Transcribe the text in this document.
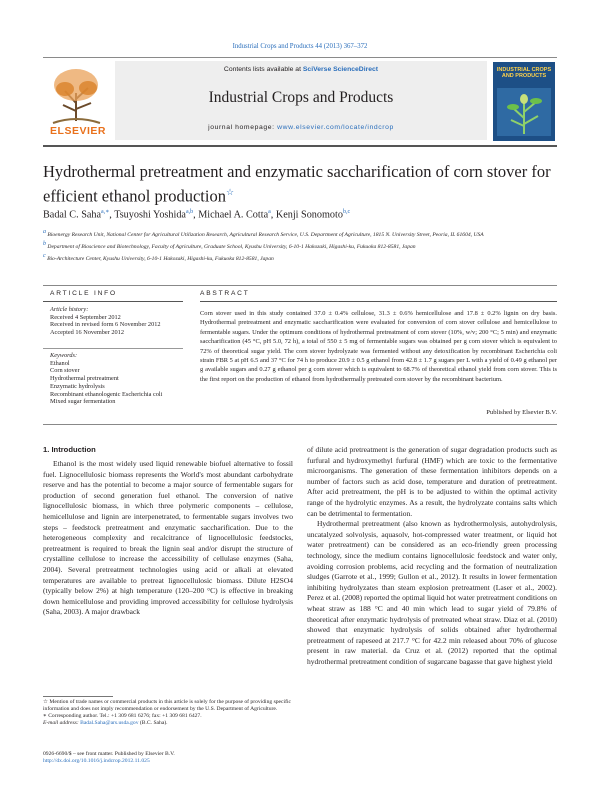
Industrial Crops and Products 44 (2013) 367–372
ELSEVIER
Contents lists available at SciVerse ScienceDirect
Industrial Crops and Products
journal homepage: www.elsevier.com/locate/indcrop
INDUSTRIAL CROPS AND PRODUCTS
Hydrothermal pretreatment and enzymatic saccharification of corn stover for efficient ethanol production☆
Badal C. Saha$^{a,∗}$, Tsuyoshi Yoshida$^{a,b}$, Michael A. Cotta$^a$, Kenji Sonomoto$^{b,c}$
$^a$ Bioenergy Research Unit, National Center for Agricultural Utilization Research, Agricultural Research Service, U.S. Department of Agriculture, 1815 N. University Street, Peoria, IL 61604, USA
$^b$ Department of Bioscience and Biotechnology, Faculty of Agriculture, Graduate School, Kyushu University, 6-10-1 Hakozaki, Higashi-ku, Fukuoka 812-8581, Japan
$^c$ Bio-Architecture Center, Kyushu University, 6-10-1 Hakozaki, Higashi-ku, Fukuoka 812-8581, Japan
ARTICLE INFO
Article history:
Received 4 September 2012
Received in revised form 6 November 2012
Accepted 16 November 2012
Keywords:
Ethanol
Corn stover
Hydrothermal pretreatment
Enzymatic hydrolysis
Recombinant ethanologenic Escherichia coli
Mixed sugar fermentation
ABSTRACT
Corn stover used in this study contained 37.0 ± 0.4% cellulose, 31.3 ± 0.6% hemicellulose and 17.8 ± 0.2% lignin on dry basis. Hydrothermal pretreatment and enzymatic saccharification were evaluated for conversion of corn stover cellulose and hemicellulose to fermentable sugars. Under the optimum conditions of hydrothermal pretreatment of corn stover (10%, w/v; 200 °C; 5 min) and enzymatic saccharification (45 °C, pH 5.0, 72 h), a total of 550 ± 5 mg of fermentable sugars was obtained per g corn stover which is equivalent to 72% of theoretical sugar yield. The corn stover hydrolyzate was fermented without any detoxification by recombinant Escherichia coli strain FBR 5 at pH 6.5 and 37 °C for 74 h to produce 20.9 ± 0.5 g ethanol from 42.8 ± 1.7 g sugars per L with a yield of 0.49 g ethanol per g available sugars and 0.27 g ethanol per g corn stover which is equivalent to 68.7% of theoretical ethanol yield from corn stover. This is the first report on the production of ethanol from hydrothermally pretreated corn stover by the recombinant bacterium.
Published by Elsevier B.V.
1. Introduction

Ethanol is the most widely used liquid renewable biofuel alternative to fossil fuel. Lignocellulosic biomass represents the World's most abundant carbohydrate reserve and has the potential to become a major source of fermentable sugars for production of second generation fuel ethanol. The conversion of native lignocellulosic biomass, in which three polymeric components – cellulose, hemicellulose and lignin are interpenetrated, to fermentable sugars involves two steps – feedstock pretreatment and enzymatic saccharification. Due to the heterogeneous complexity and recalcitrance of lignocellulosic feedstocks, pretreatment is required to break the lignin seal and/or disrupt the structure of crystalline cellulose to increase the accessibility of cellulase enzymes (Saha, 2004). Several pretreatment technologies using acid or alkali at elevated temperatures are available to pretreat lignocellulosic biomass. Dilute H2SO4 (typically below 2%) at high temperature (120–200 °C) is effective in breaking down hemicellulose and providing improved accessibility for cellulose hydrolysis (Saha, 2003). A major drawback

of dilute acid pretreatment is the generation of sugar degradation products such as furfural and hydroxymethyl furfural (HMF) which are toxic to the fermentative microorganisms. The generation of these fermentation inhibitors depends on a number of factors such as acid dose, temperature and duration of pretreatment. After acid pretreatment, the pH is to be adjusted to within the optimal activity range of the hydrolytic enzymes. As a result, the hydrolyzate contains salts which can be detrimental to fermentation.

Hydrothermal pretreatment (also known as hydrothermolysis, autohydrolysis, uncatalyzed solvolysis, aquasolv, hot-compressed water treatment, or liquid hot water pretreatment) can be considered as an eco-friendly green processing technology, since the medium contains lignocellulosic feedstock and water only, avoiding corrosion problems, acid recycling and the formation of neutralization sludges (Garrote et al., 1999; Gullon et al., 2012). It results in lower fermentation inhibiting hydrolyzates than steam explosion pretreatment (Laser et al., 2002). Perez et al. (2008) reported the optimal liquid hot water pretreatment conditions on wheat straw as 188 °C and 40 min which lead to sugar yield of 79.8% of theoretical after enzymatic hydrolysis of pretreated wheat straw. Diaz et al. (2010) showed that enzymatic hydrolysis of solids obtained after hydrothermal pretreatment of rapeseed at 217.7 °C for 42.2 min released about 70% of glucose present in raw material. da Cruz et al. (2012) reported that the optimal hydrothermal pretreatment condition of sugarcane bagasse that gave highest yield

☆ Mention of trade names or commercial products in this article is solely for the purpose of providing specific information and does not imply recommendation or endorsement by the U.S. Department of Agriculture.
∗ Corresponding author. Tel.: +1 309 681 6276; fax: +1 309 681 6427.
E-mail address: Badal.Saha@ars.usda.gov (B.C. Saha).
0926-6690/$ – see front matter. Published by Elsevier B.V.
http://dx.doi.org/10.1016/j.indcrop.2012.11.025
